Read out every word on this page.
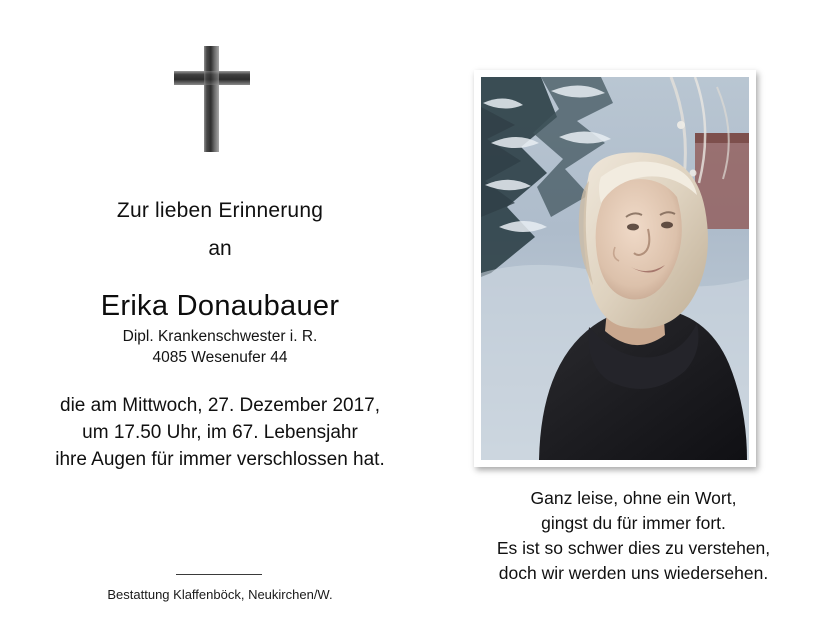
Zur lieben Erinnerung
an
Erika Donaubauer
Dipl. Krankenschwester i. R.
4085 Wesenufer 44
die am Mittwoch, 27. Dezember 2017,
um 17.50 Uhr, im 67. Lebensjahr
ihre Augen für immer verschlossen hat.
Bestattung Klaffenböck, Neukirchen/W.
Ganz leise, ohne ein Wort,
gingst du für immer fort.
Es ist so schwer dies zu verstehen,
doch wir werden uns wiedersehen.
